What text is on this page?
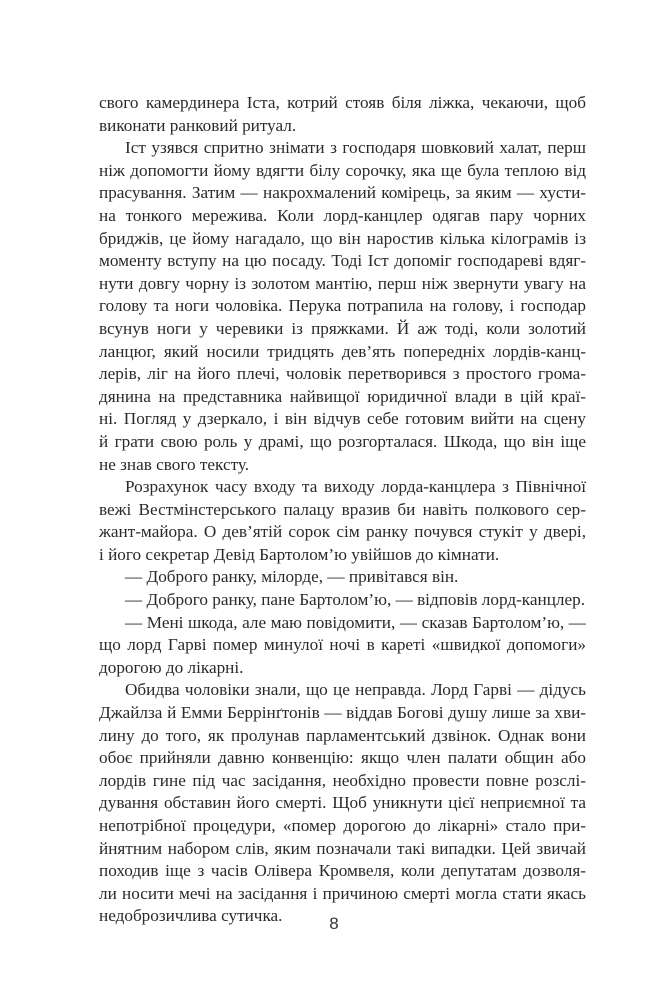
свого камердинера Іста, котрий стояв біля ліжка, чекаючи, щоб
виконати ранковий ритуал.
Іст узявся спритно знімати з господаря шовковий халат, перш
ніж допомогти йому вдягти білу сорочку, яка ще була теплою від
прасування. Затим — накрохмалений комірець, за яким — хусти-
на тонкого мережива. Коли лорд-канцлер одягав пару чорних
бриджів, це йому нагадало, що він наростив кілька кілограмів із
моменту вступу на цю посаду. Тоді Іст допоміг господареві вдяг-
нути довгу чорну із золотом мантію, перш ніж звернути увагу на
голову та ноги чоловіка. Перука потрапила на голову, і господар
всунув ноги у черевики із пряжками. Й аж тоді, коли золотий
ланцюг, який носили тридцять дев’ять попередніх лордів-канц-
лерів, ліг на його плечі, чоловік перетворився з простого грома-
дянина на представника найвищої юридичної влади в цій краї-
ні. Погляд у дзеркало, і він відчув себе готовим вийти на сцену
й грати свою роль у драмі, що розгорталася. Шкода, що він іще
не знав свого тексту.
Розрахунок часу входу та виходу лорда-канцлера з Північної
вежі Вестмінстерського палацу вразив би навіть полкового сер-
жант-майора. О дев’ятій сорок сім ранку почувся стукіт у двері,
і його секретар Девід Бартолом’ю увійшов до кімнати.
— Доброго ранку, мілорде, — привітався він.
— Доброго ранку, пане Бартолом’ю, — відповів лорд-канцлер.
— Мені шкода, але маю повідомити, — сказав Бартолом’ю, —
що лорд Гарві помер минулої ночі в кареті «швидкої допомоги»
дорогою до лікарні.
Обидва чоловіки знали, що це неправда. Лорд Гарві — дідусь
Джайлза й Емми Беррінґтонів — віддав Богові душу лише за хви-
лину до того, як пролунав парламентський дзвінок. Однак вони
обоє прийняли давню конвенцію: якщо член палати общин або
лордів гине під час засідання, необхідно провести повне розслі-
дування обставин його смерті. Щоб уникнути цієї неприємної та
непотрібної процедури, «помер дорогою до лікарні» стало при-
йнятним набором слів, яким позначали такі випадки. Цей звичай
походив іще з часів Олівера Кромвеля, коли депутатам дозволя-
ли носити мечі на засідання і причиною смерті могла стати якась
недоброзичлива сутичка.	8
